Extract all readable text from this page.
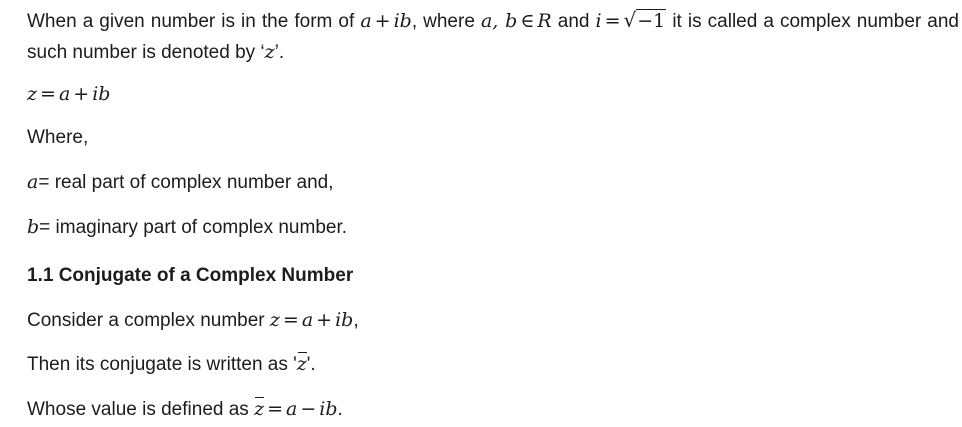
When a given number is in the form of a + ib, where a, b ∈ R and i = √−1 it is called a complex number and such number is denoted by ‘z’.

z = a + ib

Where,

a= real part of complex number and,

b= imaginary part of complex number.

1.1 Conjugate of a Complex Number

Consider a complex number z = a + ib,

Then its conjugate is written as 'z'.

Whose value is defined as z = a − ib.
